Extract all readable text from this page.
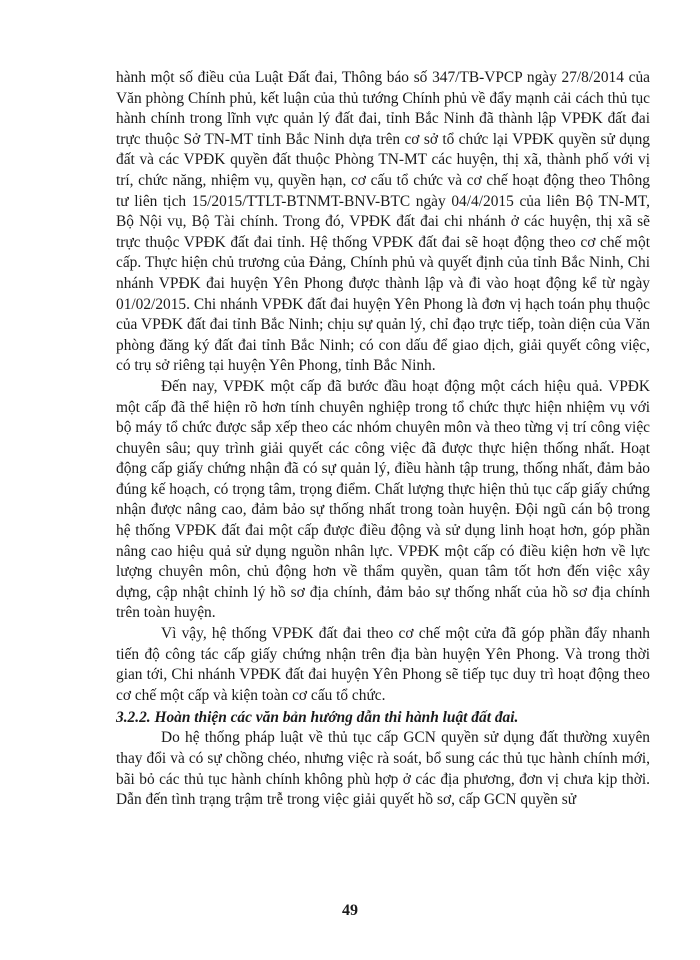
hành một số điều của Luật Đất đai, Thông báo số 347/TB-VPCP ngày 27/8/2014 của Văn phòng Chính phủ, kết luận của thủ tướng Chính phủ về đẩy mạnh cải cách thủ tục hành chính trong lĩnh vực quản lý đất đai, tỉnh Bắc Ninh đã thành lập VPĐK đất đai trực thuộc Sở TN-MT tỉnh Bắc Ninh dựa trên cơ sở tổ chức lại VPĐK quyền sử dụng đất và các VPĐK quyền đất thuộc Phòng TN-MT các huyện, thị xã, thành phố với vị trí, chức năng, nhiệm vụ, quyền hạn, cơ cấu tổ chức và cơ chế hoạt động theo Thông tư liên tịch 15/2015/TTLT-BTNMT-BNV-BTC ngày 04/4/2015 của liên Bộ TN-MT, Bộ Nội vụ, Bộ Tài chính. Trong đó, VPĐK đất đai chi nhánh ở các huyện, thị xã sẽ trực thuộc VPĐK đất đai tỉnh. Hệ thống VPĐK đất đai sẽ hoạt động theo cơ chế một cấp. Thực hiện chủ trương của Đảng, Chính phủ và quyết định của tỉnh Bắc Ninh, Chi nhánh VPĐK đai huyện Yên Phong được thành lập và đi vào hoạt động kể từ ngày 01/02/2015. Chi nhánh VPĐK đất đai huyện Yên Phong là đơn vị hạch toán phụ thuộc của VPĐK đất đai tỉnh Bắc Ninh; chịu sự quản lý, chỉ đạo trực tiếp, toàn diện của Văn phòng đăng ký đất đai tỉnh Bắc Ninh; có con dấu để giao dịch, giải quyết công việc, có trụ sở riêng tại huyện Yên Phong, tỉnh Bắc Ninh.

Đến nay, VPĐK một cấp đã bước đầu hoạt động một cách hiệu quả. VPĐK một cấp đã thể hiện rõ hơn tính chuyên nghiệp trong tổ chức thực hiện nhiệm vụ với bộ máy tổ chức được sắp xếp theo các nhóm chuyên môn và theo từng vị trí công việc chuyên sâu; quy trình giải quyết các công việc đã được thực hiện thống nhất. Hoạt động cấp giấy chứng nhận đã có sự quản lý, điều hành tập trung, thống nhất, đảm bảo đúng kế hoạch, có trọng tâm, trọng điểm. Chất lượng thực hiện thủ tục cấp giấy chứng nhận được nâng cao, đảm bảo sự thống nhất trong toàn huyện. Đội ngũ cán bộ trong hệ thống VPĐK đất đai một cấp được điều động và sử dụng linh hoạt hơn, góp phần nâng cao hiệu quả sử dụng nguồn nhân lực. VPĐK một cấp có điều kiện hơn về lực lượng chuyên môn, chủ động hơn về thẩm quyền, quan tâm tốt hơn đến việc xây dựng, cập nhật chỉnh lý hồ sơ địa chính, đảm bảo sự thống nhất của hồ sơ địa chính trên toàn huyện.

Vì vậy, hệ thống VPĐK đất đai theo cơ chế một cửa đã góp phần đẩy nhanh tiến độ công tác cấp giấy chứng nhận trên địa bàn huyện Yên Phong. Và trong thời gian tới, Chi nhánh VPĐK đất đai huyện Yên Phong sẽ tiếp tục duy trì hoạt động theo cơ chế một cấp và kiện toàn cơ cấu tổ chức.

3.2.2. Hoàn thiện các văn bản hướng dẫn thi hành luật đất đai.

Do hệ thống pháp luật về thủ tục cấp GCN quyền sử dụng đất thường xuyên thay đổi và có sự chồng chéo, nhưng việc rà soát, bổ sung các thủ tục hành chính mới, bãi bỏ các thủ tục hành chính không phù hợp ở các địa phương, đơn vị chưa kịp thời. Dẫn đến tình trạng trậm trễ trong việc giải quyết hồ sơ, cấp GCN quyền sử

49
